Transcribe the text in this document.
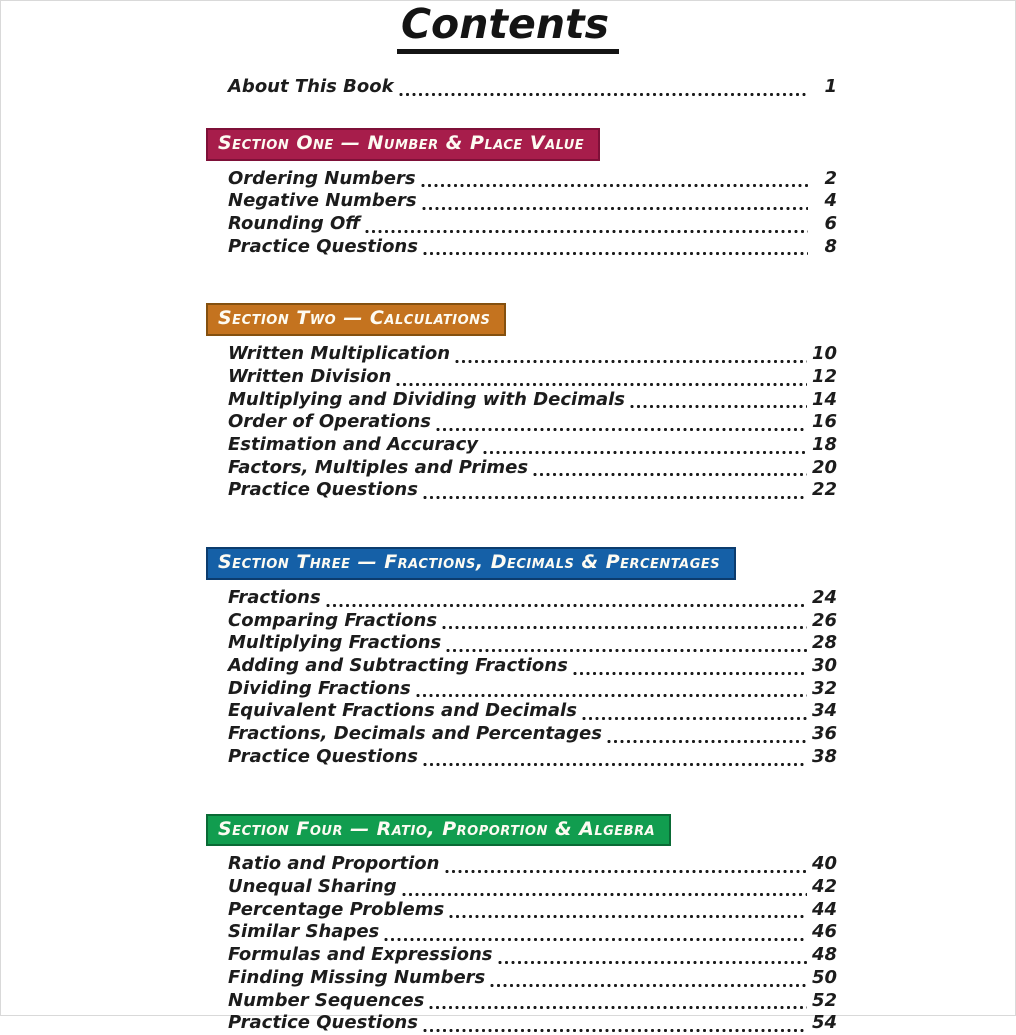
Contents
About This Book	1
Section One — Number & Place Value
Ordering Numbers	2
Negative Numbers	4
Rounding Off	6
Practice Questions	8
Section Two — Calculations
Written Multiplication	10
Written Division	12
Multiplying and Dividing with Decimals	14
Order of Operations	16
Estimation and Accuracy	18
Factors, Multiples and Primes	20
Practice Questions	22
Section Three — Fractions, Decimals & Percentages
Fractions	24
Comparing Fractions	26
Multiplying Fractions	28
Adding and Subtracting Fractions	30
Dividing Fractions	32
Equivalent Fractions and Decimals	34
Fractions, Decimals and Percentages	36
Practice Questions	38
Section Four — Ratio, Proportion & Algebra
Ratio and Proportion	40
Unequal Sharing	42
Percentage Problems	44
Similar Shapes	46
Formulas and Expressions	48
Finding Missing Numbers	50
Number Sequences	52
Practice Questions	54
